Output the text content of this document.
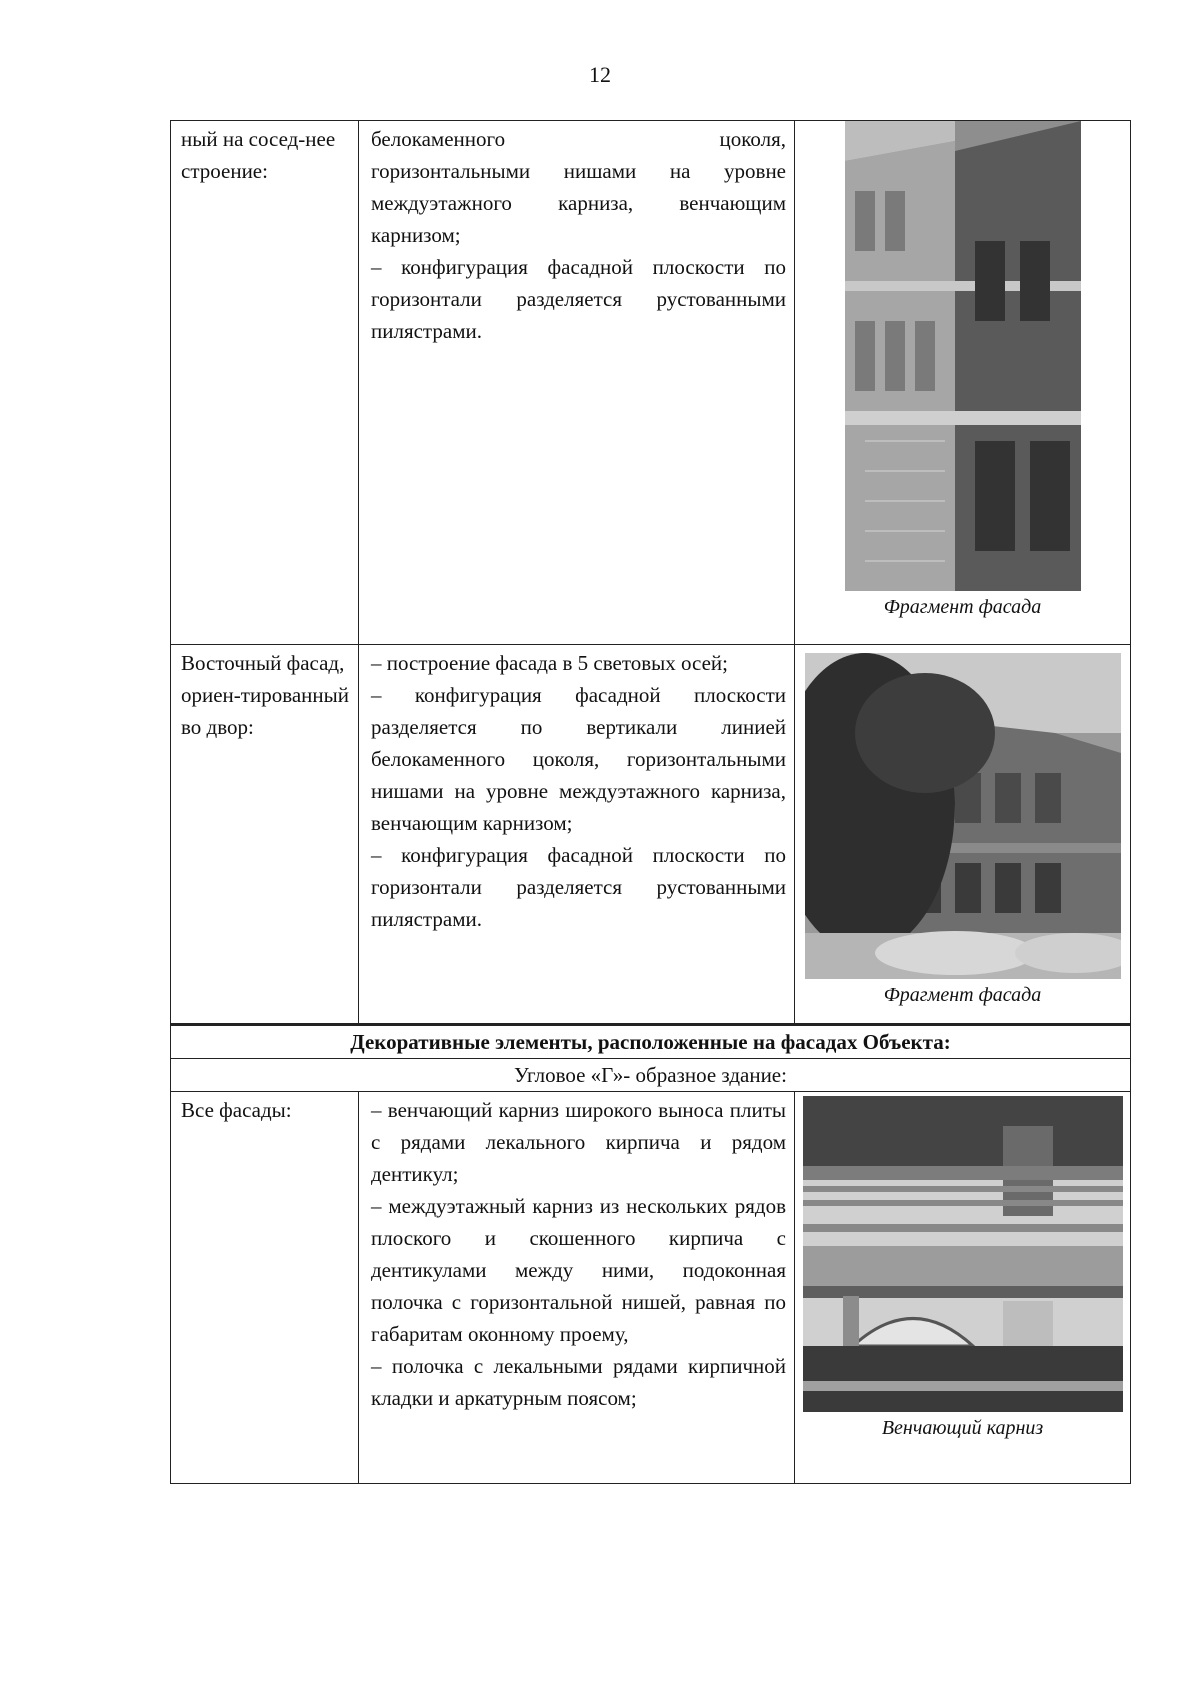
12
ный на сосед-нее строение:	белокаменного цоколя,
горизонтальными нишами на уровне междуэтажного карниза, венчающим карнизом;
– конфигурация фасадной плоскости по горизонтали разделяется рустованными пилястрами.	Фрагмент фасада

Восточный фасад, ориен-тированный во двор:	– построение фасада в 5 световых осей;
– конфигурация фасадной плоскости разделяется по вертикали линией белокаменного цоколя, горизонтальными нишами на уровне междуэтажного карниза, венчающим карнизом;
– конфигурация фасадной плоскости по горизонтали разделяется рустованными пилястрами.	Фрагмент фасада

Декоративные элементы, расположенные на фасадах Объекта:		
Угловое «Г»- образное здание:		
Все фасады:	– венчающий карниз широкого выноса плиты с рядами лекального кирпича и рядом дентикул;
– междуэтажный карниз из нескольких рядов плоского и скошенного кирпича с дентикулами между ними, подоконная полочка с горизонтальной нишей, равная по габаритам оконному проему,
– полочка с лекальными рядами кирпичной кладки и аркатурным поясом;	Венчающий карниз
